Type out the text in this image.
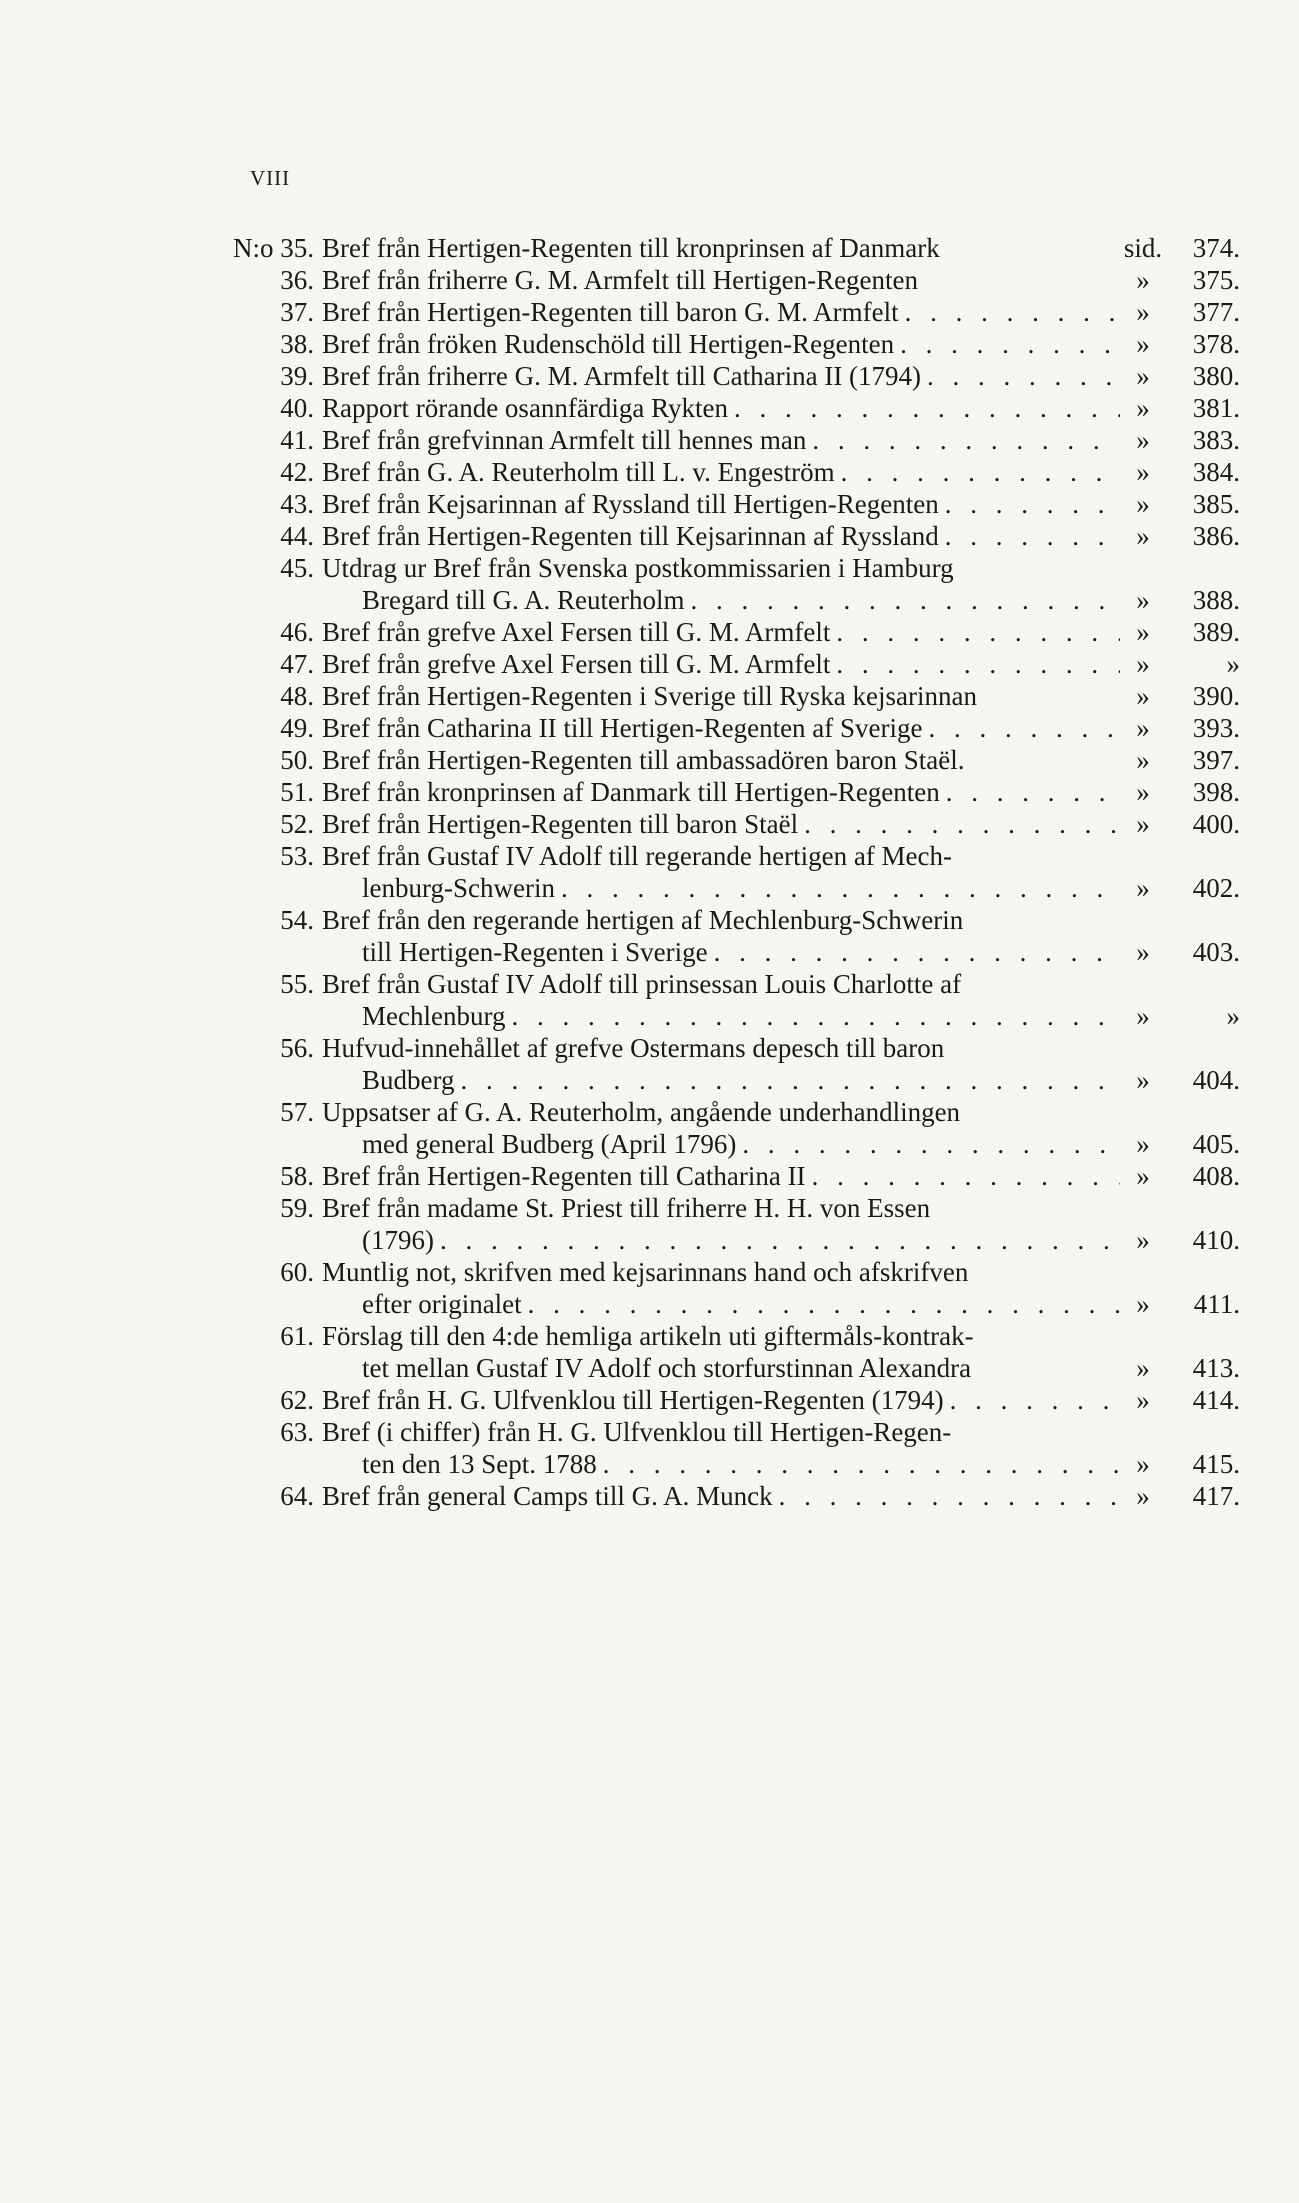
VIII
N:o 35. Bref från Hertigen-Regenten till kronprinsen af Danmark	sid.	374.
36. Bref från friherre G. M. Armfelt till Hertigen-Regenten	»	375.
37. Bref från Hertigen-Regenten till baron G. M. Armfelt . . .	»	377.
38. Bref från fröken Rudenschöld till Hertigen-Regenten . . .	»	378.
39. Bref från friherre G. M. Armfelt till Catharina II (1794) . . .	»	380.
40. Rapport rörande osannfärdiga Rykten . . .	»	381.
41. Bref från grefvinnan Armfelt till hennes man . . .	»	383.
42. Bref från G. A. Reuterholm till L. v. Engeström . . .	»	384.
43. Bref från Kejsarinnan af Ryssland till Hertigen-Regenten . . .	»	385.
44. Bref från Hertigen-Regenten till Kejsarinnan af Ryssland . . .	»	386.
45. Utdrag ur Bref från Svenska postkommissarien i Hamburg
Bregard till G. A. Reuterholm . . .	»	388.
46. Bref från grefve Axel Fersen till G. M. Armfelt . . .	»	389.
47. Bref från grefve Axel Fersen till G. M. Armfelt . . .	»	»
48. Bref från Hertigen-Regenten i Sverige till Ryska kejsarinnan	»	390.
49. Bref från Catharina II till Hertigen-Regenten af Sverige . . .	»	393.
50. Bref från Hertigen-Regenten till ambassadören baron Staël.	»	397.
51. Bref från kronprinsen af Danmark till Hertigen-Regenten . . .	»	398.
52. Bref från Hertigen-Regenten till baron Staël . . .	»	400.
53. Bref från Gustaf IV Adolf till regerande hertigen af Mech-
lenburg-Schwerin . . .	»	402.
54. Bref från den regerande hertigen af Mechlenburg-Schwerin
till Hertigen-Regenten i Sverige . . .	»	403.
55. Bref från Gustaf IV Adolf till prinsessan Louis Charlotte af
Mechlenburg . . .	»	»
56. Hufvud-innehållet af grefve Ostermans depesch till baron
Budberg . . .	»	404.
57. Uppsatser af G. A. Reuterholm, angående underhandlingen
med general Budberg (April 1796) . . .	»	405.
58. Bref från Hertigen-Regenten till Catharina II . . .	»	408.
59. Bref från madame St. Priest till friherre H. H. von Essen
(1796) . . .	»	410.
60. Muntlig not, skrifven med kejsarinnans hand och afskrifven
efter originalet . . .	»	411.
61. Förslag till den 4:de hemliga artikeln uti giftermåls-kontrak-
tet mellan Gustaf IV Adolf och storfurstinnan Alexandra	»	413.
62. Bref från H. G. Ulfvenklou till Hertigen-Regenten (1794) . . .	»	414.
63. Bref (i chiffer) från H. G. Ulfvenklou till Hertigen-Regen-
ten den 13 Sept. 1788 . . .	»	415.
64. Bref från general Camps till G. A. Munck . . .	»	417.
